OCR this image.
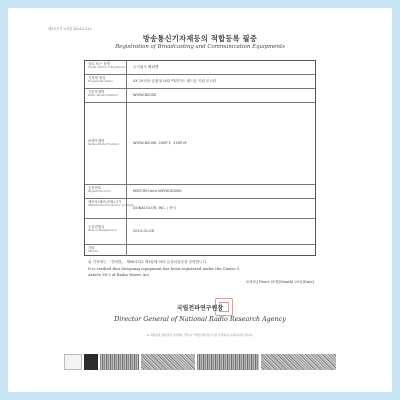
제5호서식 <개정 2014.5.21>
방송통신기자재등의 적합등록 필증
Registration of Broadcasting and Communication Equipments
상호 또는 성명
Trade Name or Registrant 주식회사 해피맨
기자재 명칭
Equipment Name	4X 15인치 슬림형 LED 백라이트 헤드폰 지원 모니터
기본모델명
Basic Model Number	WIVW-8000K
파생모델명
Series Model Number	WIVW-8000K, 24SP-F, 24SP-M
등록번호
Registration No.	MSIP-REI-wch-WIVW-8000K
제조자/제조(조립)국가
Manufacturer/Country of Origin
DONACOLOR, INC. / 중국
등록연월일
Date of Registration	2015-01-08
기타
Others
위 기자재는 「전파법」 제58조의2 제3항에 따라 등록되었음을 증명합니다.
It is verified that foregoing equipment has been registered under the Clause 3,
Article 58-2 of Radio Waves Act.
2015년(Year) 01월(Month) 20일(Date)
국립전파연구원장
Director General of National Radio Research Agency
※ 적합등록 방송통신기자재는 반드시 "적합성평가표시"를 부착하여 유통하여야 합니다.
